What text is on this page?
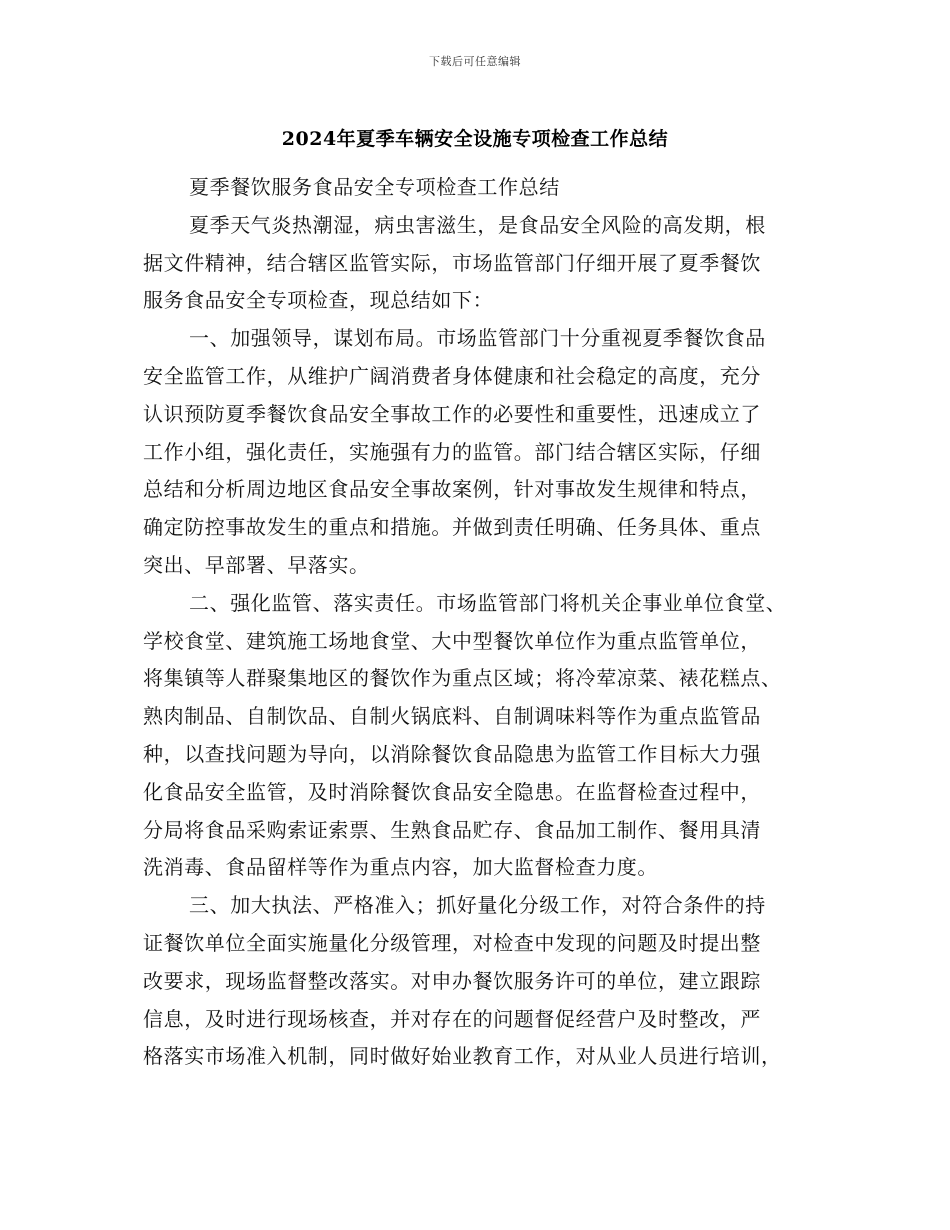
下载后可任意编辑
2024年夏季车辆安全设施专项检查工作总结
夏季餐饮服务食品安全专项检查工作总结
夏季天气炎热潮湿，病虫害滋生，是食品安全风险的高发期，根
据文件精神，结合辖区监管实际，市场监管部门仔细开展了夏季餐饮
服务食品安全专项检查，现总结如下：
一、加强领导，谋划布局。市场监管部门十分重视夏季餐饮食品
安全监管工作，从维护广阔消费者身体健康和社会稳定的高度，充分
认识预防夏季餐饮食品安全事故工作的必要性和重要性，迅速成立了
工作小组，强化责任，实施强有力的监管。部门结合辖区实际，仔细
总结和分析周边地区食品安全事故案例，针对事故发生规律和特点，
确定防控事故发生的重点和措施。并做到责任明确、任务具体、重点
突出、早部署、早落实。
二、强化监管、落实责任。市场监管部门将机关企事业单位食堂、
学校食堂、建筑施工场地食堂、大中型餐饮单位作为重点监管单位，
将集镇等人群聚集地区的餐饮作为重点区域；将冷荤凉菜、裱花糕点、
熟肉制品、自制饮品、自制火锅底料、自制调味料等作为重点监管品
种，以查找问题为导向，以消除餐饮食品隐患为监管工作目标大力强
化食品安全监管，及时消除餐饮食品安全隐患。在监督检查过程中，
分局将食品采购索证索票、生熟食品贮存、食品加工制作、餐用具清
洗消毒、食品留样等作为重点内容，加大监督检查力度。
三、加大执法、严格准入；抓好量化分级工作，对符合条件的持
证餐饮单位全面实施量化分级管理，对检查中发现的问题及时提出整
改要求，现场监督整改落实。对申办餐饮服务许可的单位，建立跟踪
信息，及时进行现场核查，并对存在的问题督促经营户及时整改，严
格落实市场准入机制，同时做好始业教育工作，对从业人员进行培训，
